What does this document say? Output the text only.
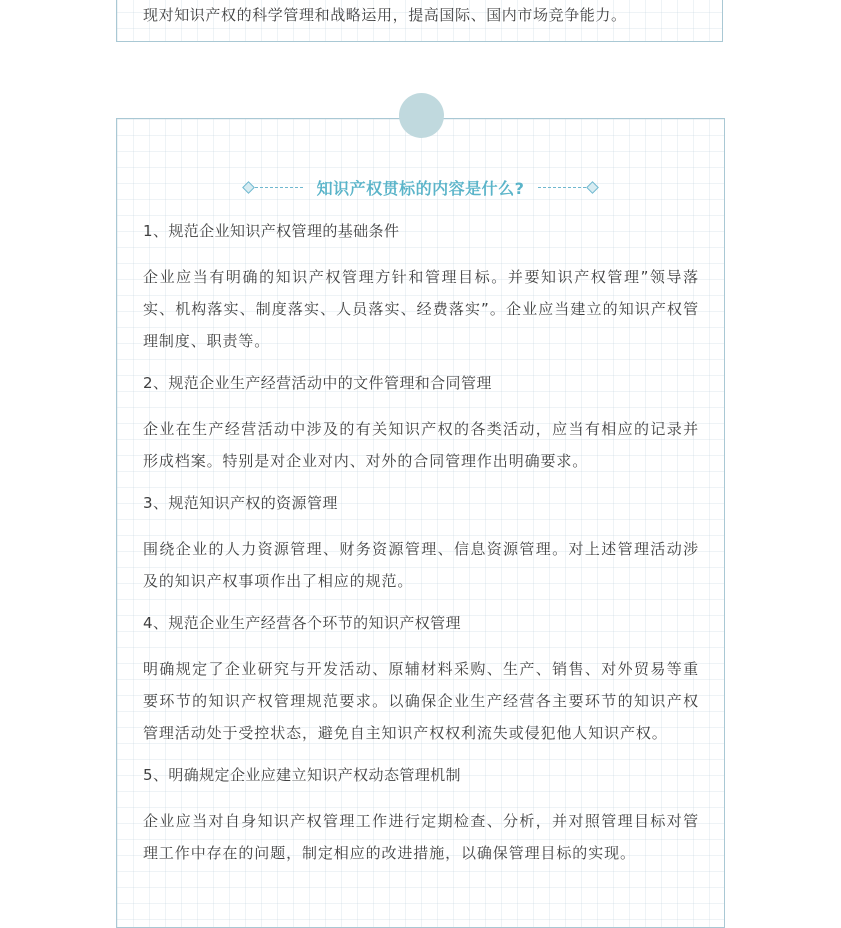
现对知识产权的科学管理和战略运用，提高国际、国内市场竞争能力。

知识产权贯标的内容是什么?

1、规范企业知识产权管理的基础条件

企业应当有明确的知识产权管理方针和管理目标。并要知识产权管理”领导落实、机构落实、制度落实、人员落实、经费落实”。企业应当建立的知识产权管理制度、职责等。

2、规范企业生产经营活动中的文件管理和合同管理

企业在生产经营活动中涉及的有关知识产权的各类活动，应当有相应的记录并形成档案。特别是对企业对内、对外的合同管理作出明确要求。

3、规范知识产权的资源管理

围绕企业的人力资源管理、财务资源管理、信息资源管理。对上述管理活动涉及的知识产权事项作出了相应的规范。

4、规范企业生产经营各个环节的知识产权管理

明确规定了企业研究与开发活动、原辅材料采购、生产、销售、对外贸易等重要环节的知识产权管理规范要求。以确保企业生产经营各主要环节的知识产权管理活动处于受控状态，避免自主知识产权权利流失或侵犯他人知识产权。

5、明确规定企业应建立知识产权动态管理机制

企业应当对自身知识产权管理工作进行定期检查、分析，并对照管理目标对管理工作中存在的问题，制定相应的改进措施，以确保管理目标的实现。
